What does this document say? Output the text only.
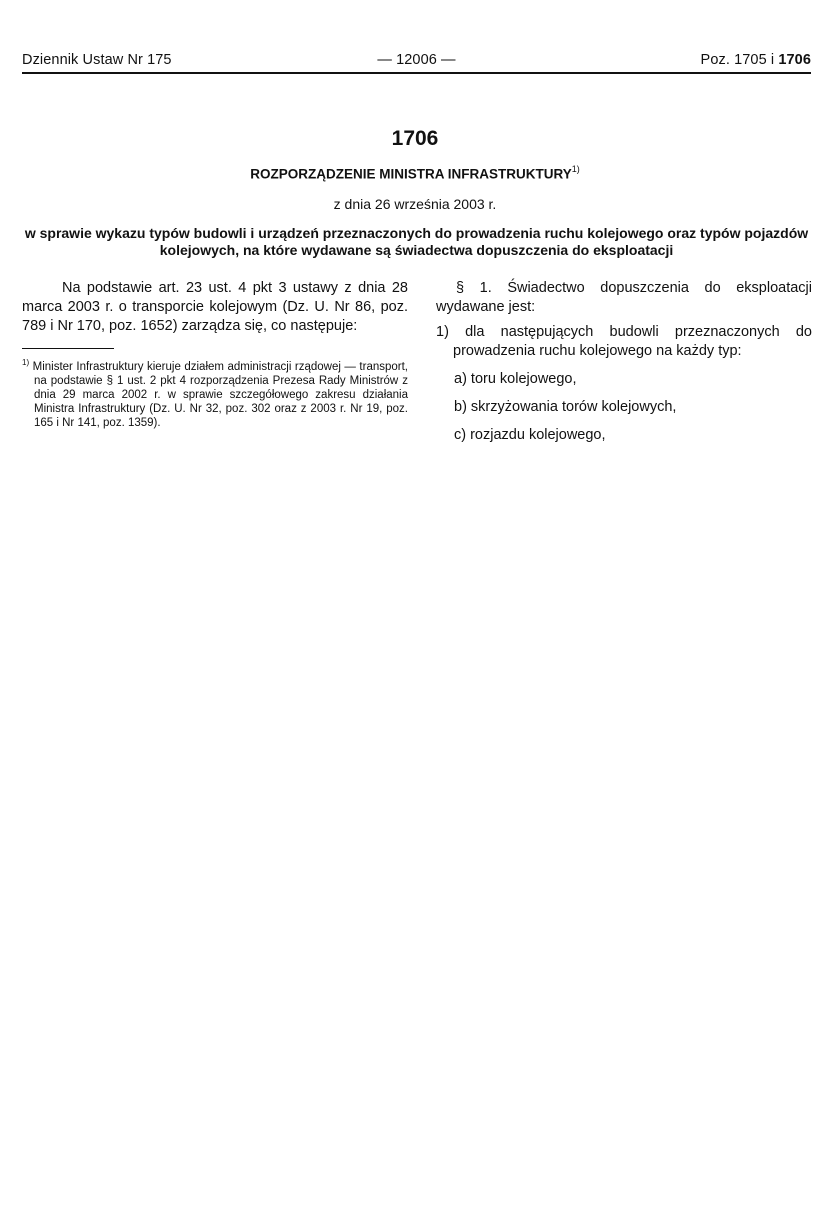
Dziennik Ustaw Nr 175	— 12006 —	Poz. 1705 i 1706
1706
ROZPORZĄDZENIE MINISTRA INFRASTRUKTURY$^{1)}$
z dnia 26 września 2003 r.
w sprawie wykazu typów budowli i urządzeń przeznaczonych do prowadzenia ruchu kolejowego oraz typów pojazdów kolejowych, na które wydawane są świadectwa dopuszczenia do eksploatacji

Na podstawie art. 23 ust. 4 pkt 3 ustawy z dnia 28 marca 2003 r. o transporcie kolejowym (Dz. U. Nr 86, poz. 789 i Nr 170, poz. 1652) zarządza się, co następuje:

$^{1)}$ Minister Infrastruktury kieruje działem administracji rządowej — transport, na podstawie § 1 ust. 2 pkt 4 rozporządzenia Prezesa Rady Ministrów z dnia 29 marca 2002 r. w sprawie szczegółowego zakresu działania Ministra Infrastruktury (Dz. U. Nr 32, poz. 302 oraz z 2003 r. Nr 19, poz. 165 i Nr 141, poz. 1359).

§ 1. Świadectwo dopuszczenia do eksploatacji wydawane jest:

1) dla następujących budowli przeznaczonych do prowadzenia ruchu kolejowego na każdy typ:

a) toru kolejowego,

b) skrzyżowania torów kolejowych,

c) rozjazdu kolejowego,
